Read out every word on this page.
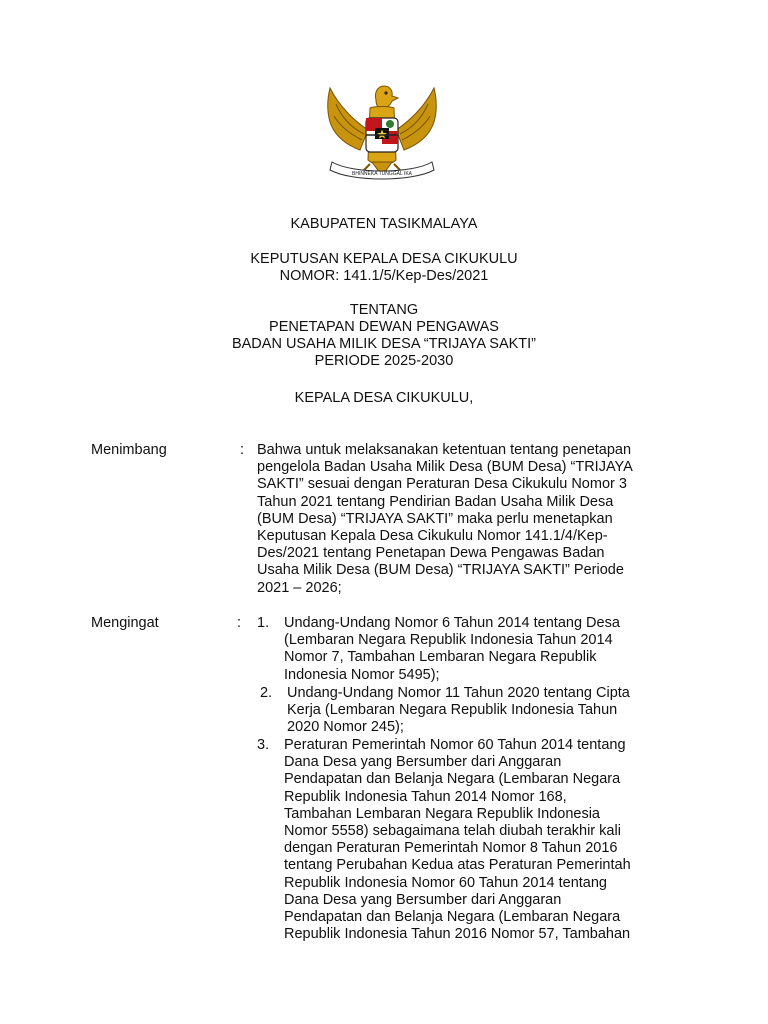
BHINNEKA TUNGGAL IKA
KABUPATEN TASIKMALAYA
KEPUTUSAN KEPALA DESA CIKUKULU
NOMOR: 141.1/5/Kep-Des/2021
TENTANG
PENETAPAN DEWAN PENGAWAS
BADAN USAHA MILIK DESA “TRIJAYA SAKTI”
PERIODE 2025-2030
KEPALA DESA CIKUKULU,
Menimbang	: Bahwa untuk melaksanakan ketentuan tentang penetapan
pengelola Badan Usaha Milik Desa (BUM Desa) “TRIJAYA
SAKTI” sesuai dengan Peraturan Desa Cikukulu Nomor 3
Tahun 2021 tentang Pendirian Badan Usaha Milik Desa
(BUM Desa) “TRIJAYA SAKTI” maka perlu menetapkan
Keputusan Kepala Desa Cikukulu Nomor 141.1/4/Kep-
Des/2021 tentang Penetapan Dewa Pengawas Badan
Usaha Milik Desa (BUM Desa) “TRIJAYA SAKTI” Periode
2021 – 2026;
Mengingat	: 1. Undang-Undang Nomor 6 Tahun 2014 tentang Desa
(Lembaran Negara Republik Indonesia Tahun 2014
Nomor 7, Tambahan Lembaran Negara Republik
Indonesia Nomor 5495);
2. Undang-Undang Nomor 11 Tahun 2020 tentang Cipta
Kerja (Lembaran Negara Republik Indonesia Tahun
2020 Nomor 245);
3. Peraturan Pemerintah Nomor 60 Tahun 2014 tentang
Dana Desa yang Bersumber dari Anggaran
Pendapatan dan Belanja Negara (Lembaran Negara
Republik Indonesia Tahun 2014 Nomor 168,
Tambahan Lembaran Negara Republik Indonesia
Nomor 5558) sebagaimana telah diubah terakhir kali
dengan Peraturan Pemerintah Nomor 8 Tahun 2016
tentang Perubahan Kedua atas Peraturan Pemerintah
Republik Indonesia Nomor 60 Tahun 2014 tentang
Dana Desa yang Bersumber dari Anggaran
Pendapatan dan Belanja Negara (Lembaran Negara
Republik Indonesia Tahun 2016 Nomor 57, Tambahan
